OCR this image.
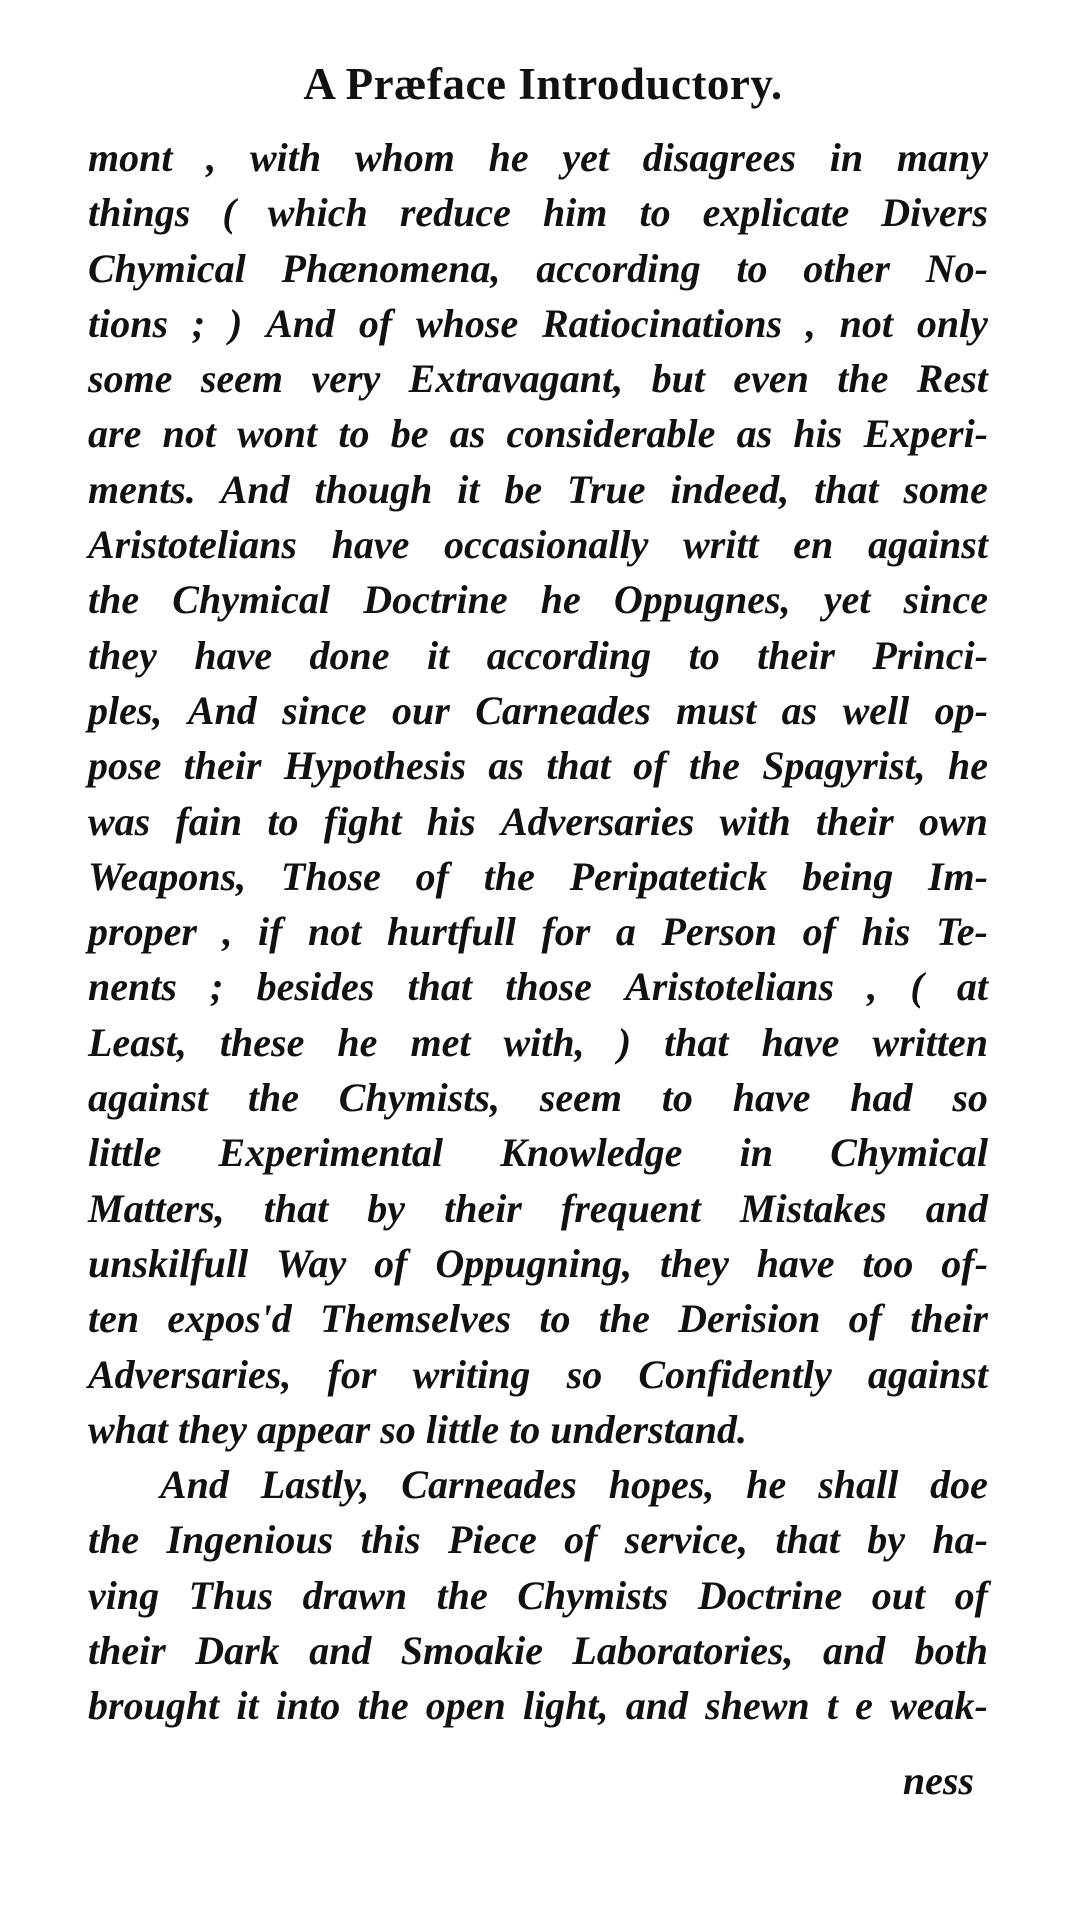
A Præface Introductory.
mont , with whom he yet disagrees in many
things ( which reduce him to explicate Divers
Chymical Phænomena, according to other No-
tions ; ) And of whose Ratiocinations , not only
some seem very Extravagant, but even the Rest
are not wont to be as considerable as his Experi-
ments. And though it be True indeed, that some
Aristotelians have occasionally writt en against
the Chymical Doctrine he Oppugnes, yet since
they have done it according to their Princi-
ples, And since our Carneades must as well op-
pose their Hypothesis as that of the Spagyrist, he
was fain to fight his Adversaries with their own
Weapons, Those of the Peripatetick being Im-
proper , if not hurtfull for a Person of his Te-
nents ; besides that those Aristotelians , ( at
Least, these he met with, ) that have written
against the Chymists, seem to have had so
little Experimental Knowledge in Chymical
Matters, that by their frequent Mistakes and
unskilfull Way of Oppugning, they have too of-
ten expos'd Themselves to the Derision of their
Adversaries, for writing so Confidently against
what they appear so little to understand.
And Lastly, Carneades hopes, he shall doe
the Ingenious this Piece of service, that by ha-
ving Thus drawn the Chymists Doctrine out of
their Dark and Smoakie Laboratories, and both
brought it into the open light, and shewn t e weak-
ness
